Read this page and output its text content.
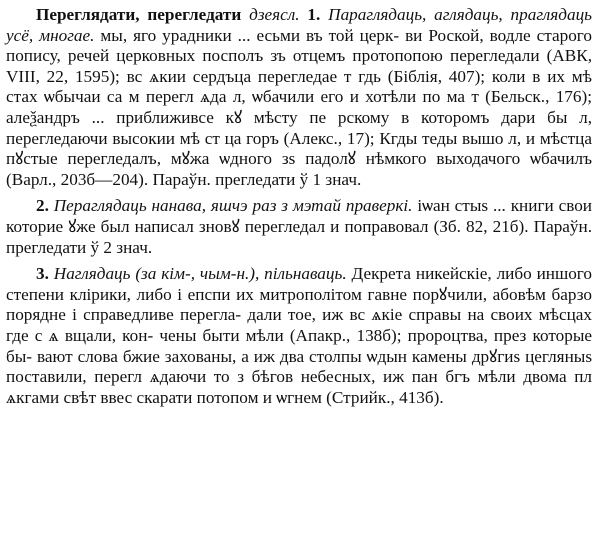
Переглядати, перегледати дзеясл. 1. Параглядаць, аглядаць, праглядаць усё, многае. мы, яго урадники ... есьми въ той церк- ви Роской, водле старого попису, речей церковных посполъ зъ отцемъ протопопою перегледали (АВК, VIII, 22, 1595); вс ѧкии сердъца перегледае т гдь (Біблія, 407); коли в их мѣ стах ѡбычаи са м перегл ѧда л, ѡбачили его и хотѣли по ма т (Бельск., 176); алеѯандръ ... приближивсе кꙋ мѣсту пе рскому в которомъ дари бы л, перегледаючи высокии мѣ ст ца горъ (Алекс., 17); Кгды теды вышо л, и мѣстца пꙋстые перегледалъ, мꙋжа ѡдного зѕ падолꙋ нѣмкого выходачого ѡбачилъ (Варл., 203б—204). Параўн. прегледати ў 1 знач.

2. Пераглядаць нанава, яшчэ раз з мэтай праверкі. іѡан стыѕ ... книги свои которие ꙋже был написал зновꙋ перегледал и поправовал (Зб. 82, 21б). Параўн. прегледати ў 2 знач.

3. Наглядаць (за кім-, чым-н.), пільнаваць. Декрета никейскіе, либо иншого степени клірики, либо і епспи их митрополітом гавне порꙋчили, абовѣм барзо порядне і справедливе перегла- дали тое, иж вс ѧкіе справы на своих мѣсцах где с ѧ вщали, кон- чены быти мѣли (Апакр., 138б); пророцтва, през которые бы- вают слова бжие захованы, а иж два столпы ѡдын камены дрꙋгиѕ цегляныѕ поставили, перегл ѧдаючи то з бѣгов небесных, иж пан бгъ мѣли двома пл ѧкгами свѣт ввес скарати потопом и ѡгнем (Стрийк., 413б).
